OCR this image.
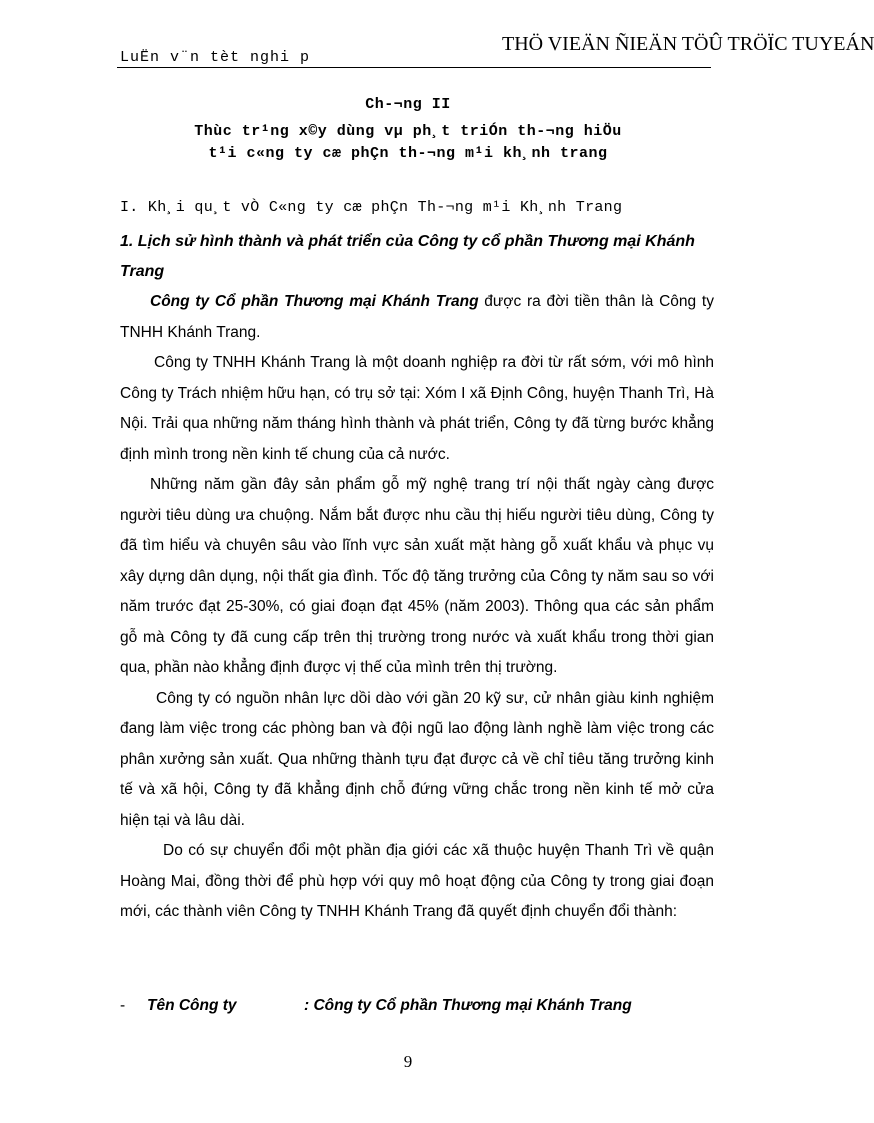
LuËn v¨n tèt nghi p
THÖ VIEÄN ÑIEÄN TÖÛ TRÖÏC TUYEÁN
Ch-¬ng II
Thùc tr¹ng x©y dùng vµ ph¸t triÓn th-¬ng hiÖu
t¹i c«ng ty cæ phÇn th-¬ng m¹i kh¸nh trang
I. Kh¸i qu¸t vÒ C«ng ty cæ phÇn Th-¬ng m¹i Kh¸nh Trang
1. Lịch sử hình thành và phát triển của Công ty cổ phần Thương mại Khánh Trang

Công ty Cổ phần Thương mại Khánh Trang được ra đời tiền thân là Công ty TNHH Khánh Trang.

Công ty TNHH Khánh Trang là một doanh nghiệp ra đời từ rất sớm, với mô hình Công ty Trách nhiệm hữu hạn, có trụ sở tại: Xóm I xã Định Công, huyện Thanh Trì, Hà Nội. Trải qua những năm tháng hình thành và phát triển, Công ty đã từng bước khẳng định mình trong nền kinh tế chung của cả nước.

Những năm gần đây sản phẩm gỗ mỹ nghệ trang trí nội thất ngày càng được người tiêu dùng ưa chuộng. Nắm bắt được nhu cầu thị hiếu người tiêu dùng, Công ty đã tìm hiểu và chuyên sâu vào lĩnh vực sản xuất mặt hàng gỗ xuất khẩu và phục vụ xây dựng dân dụng, nội thất gia đình. Tốc độ tăng trưởng của Công ty năm sau so với năm trước đạt 25-30%, có giai đoạn đạt 45% (năm 2003). Thông qua các sản phẩm gỗ mà Công ty đã cung cấp trên thị trường trong nước và xuất khẩu trong thời gian qua, phần nào khẳng định được vị thế của mình trên thị trường.

Công ty có nguồn nhân lực dồi dào với gần 20 kỹ sư, cử nhân giàu kinh nghiệm đang làm việc trong các phòng ban và đội ngũ lao động lành nghề làm việc trong các phân xưởng sản xuất. Qua những thành tựu đạt được cả về chỉ tiêu tăng trưởng kinh tế và xã hội, Công ty đã khẳng định chỗ đứng vững chắc trong nền kinh tế mở cửa hiện tại và lâu dài.

Do có sự chuyển đổi một phần địa giới các xã thuộc huyện Thanh Trì về quận Hoàng Mai, đồng thời để phù hợp với quy mô hoạt động của Công ty trong giai đoạn mới, các thành viên Công ty TNHH Khánh Trang đã quyết định chuyển đổi thành:

- Tên Công ty	: Công ty Cổ phần Thương mại Khánh Trang
9
